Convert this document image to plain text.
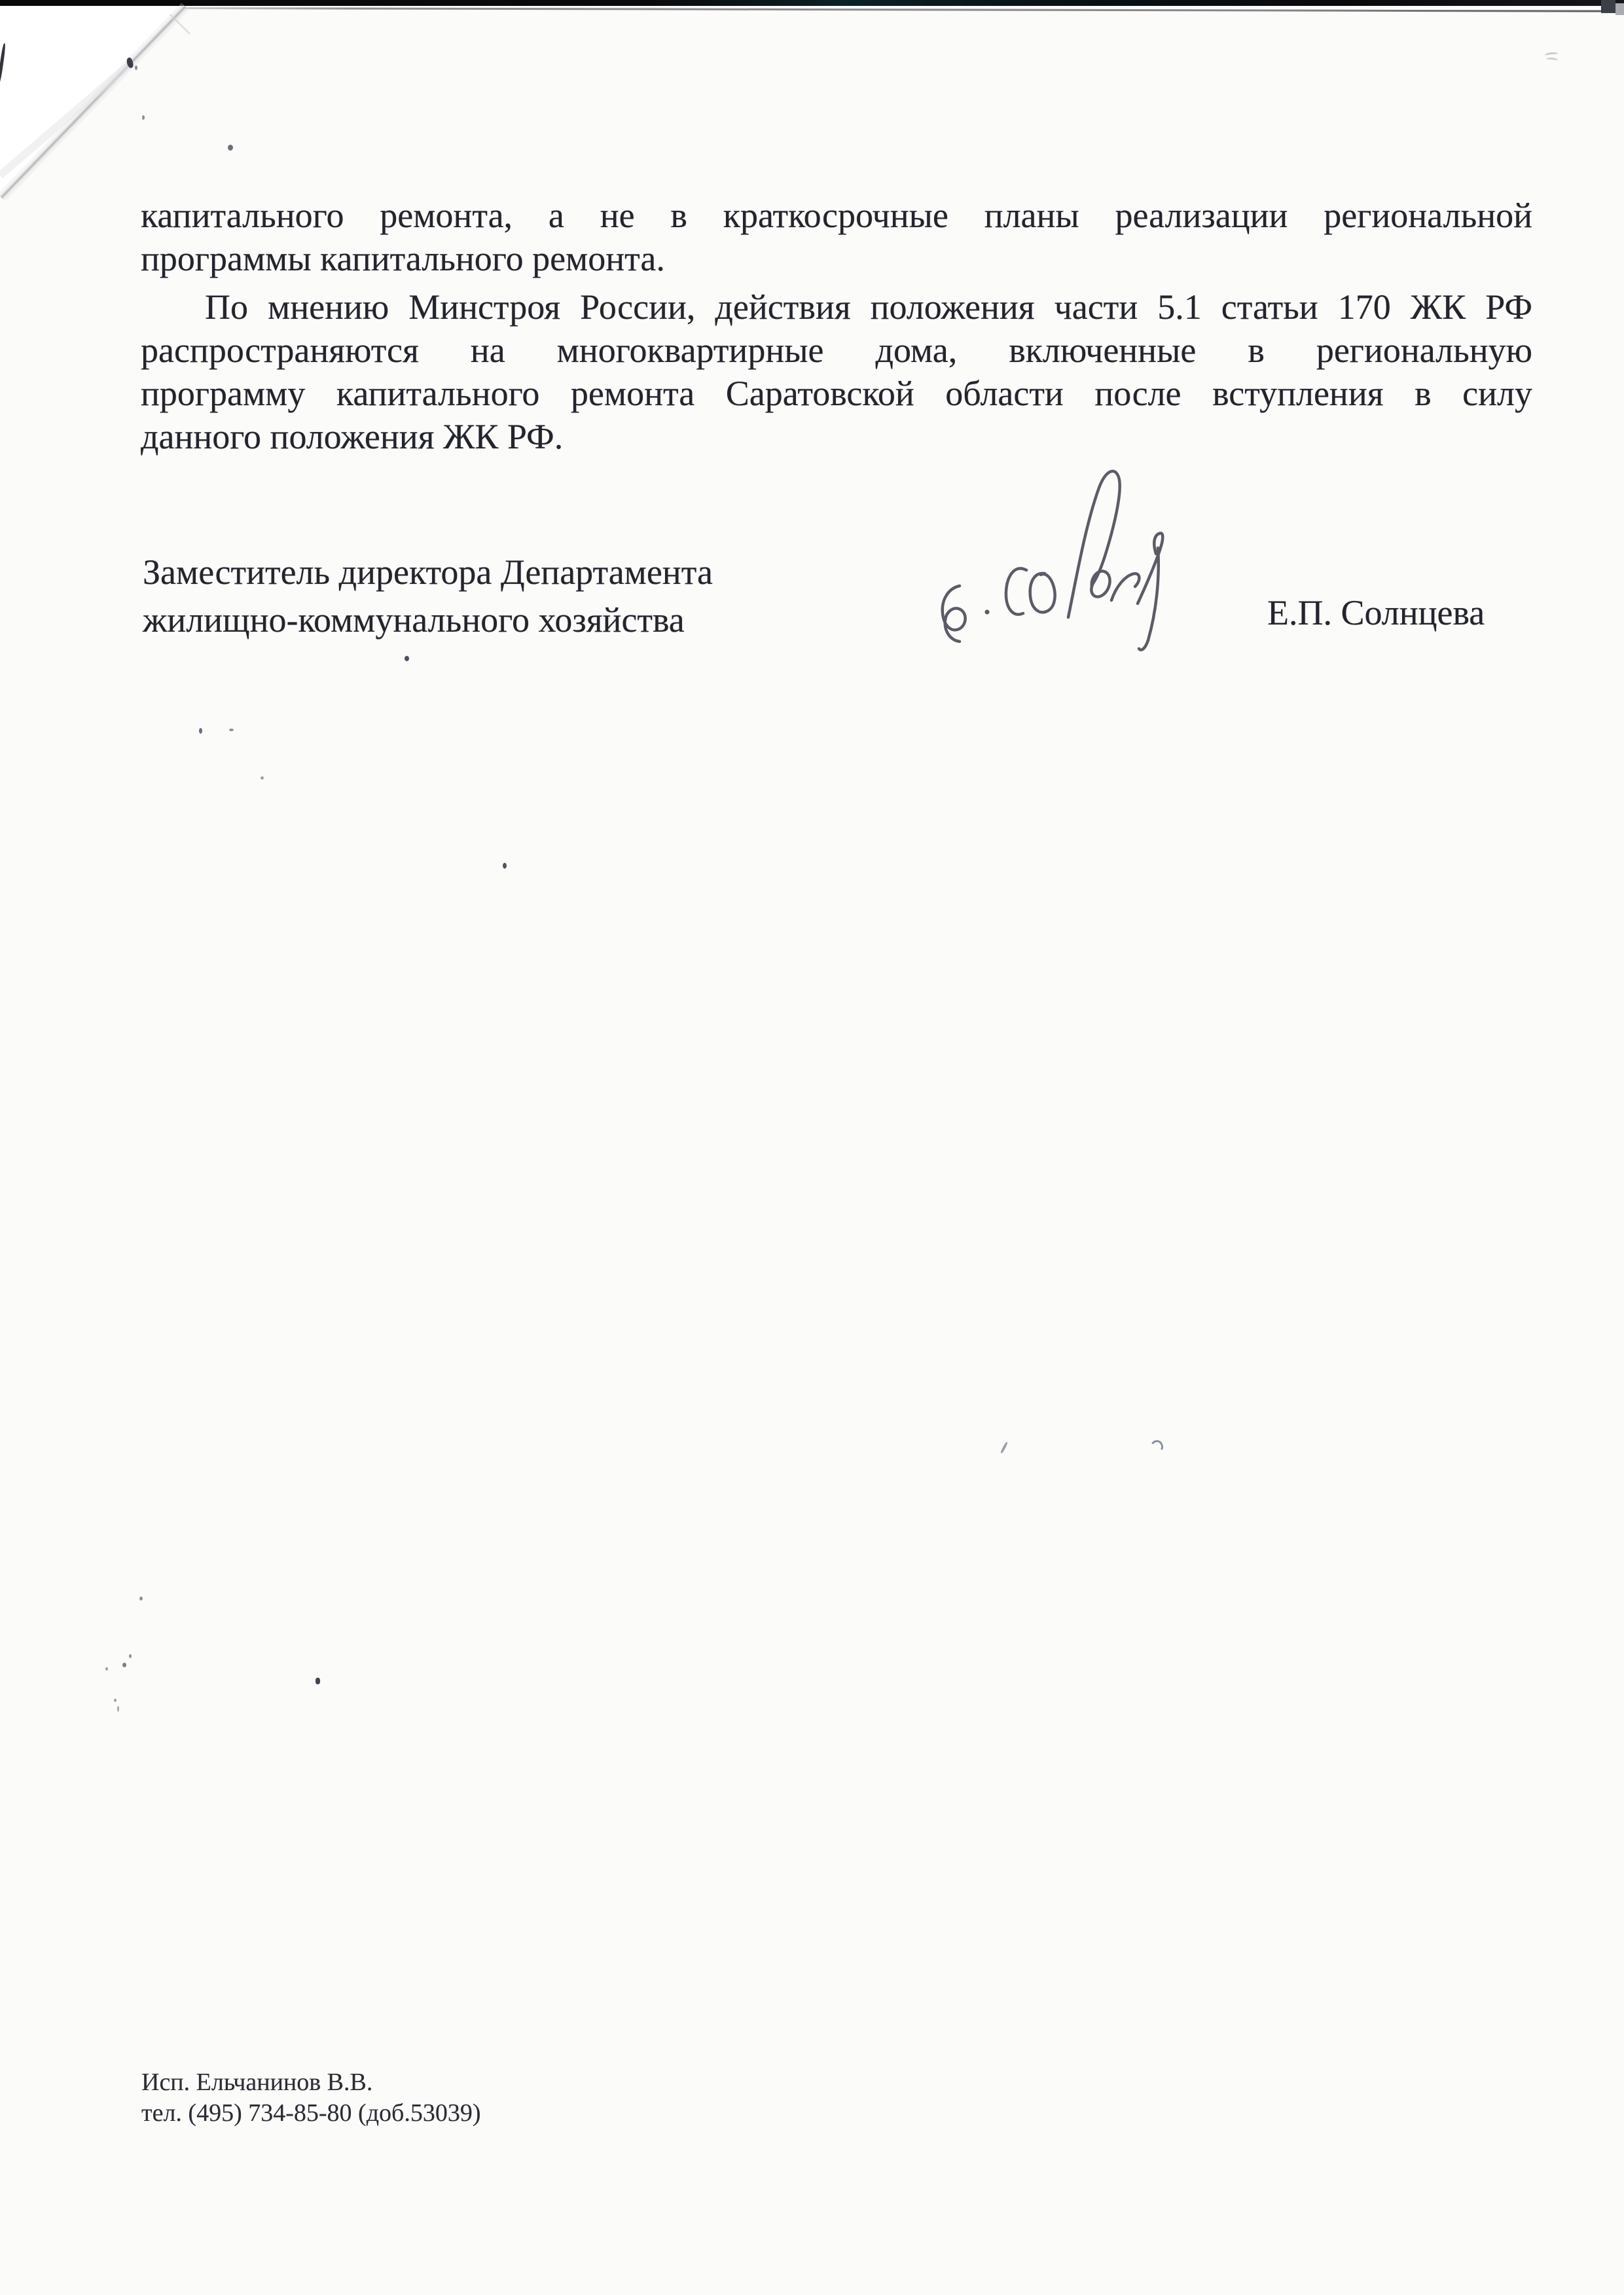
капитального ремонта, а не в краткосрочные планы реализации региональной
программы капитального ремонта.
По мнению Минстроя России, действия положения части 5.1 статьи 170 ЖК РФ
распространяются на многоквартирные дома, включенные в региональную
программу капитального ремонта Саратовской области после вступления в силу
данного положения ЖК РФ.
Заместитель директора Департамента
жилищно-коммунального хозяйства	Е.П. Солнцева
Исп. Ельчанинов В.В.
тел. (495) 734-85-80 (доб.53039)
